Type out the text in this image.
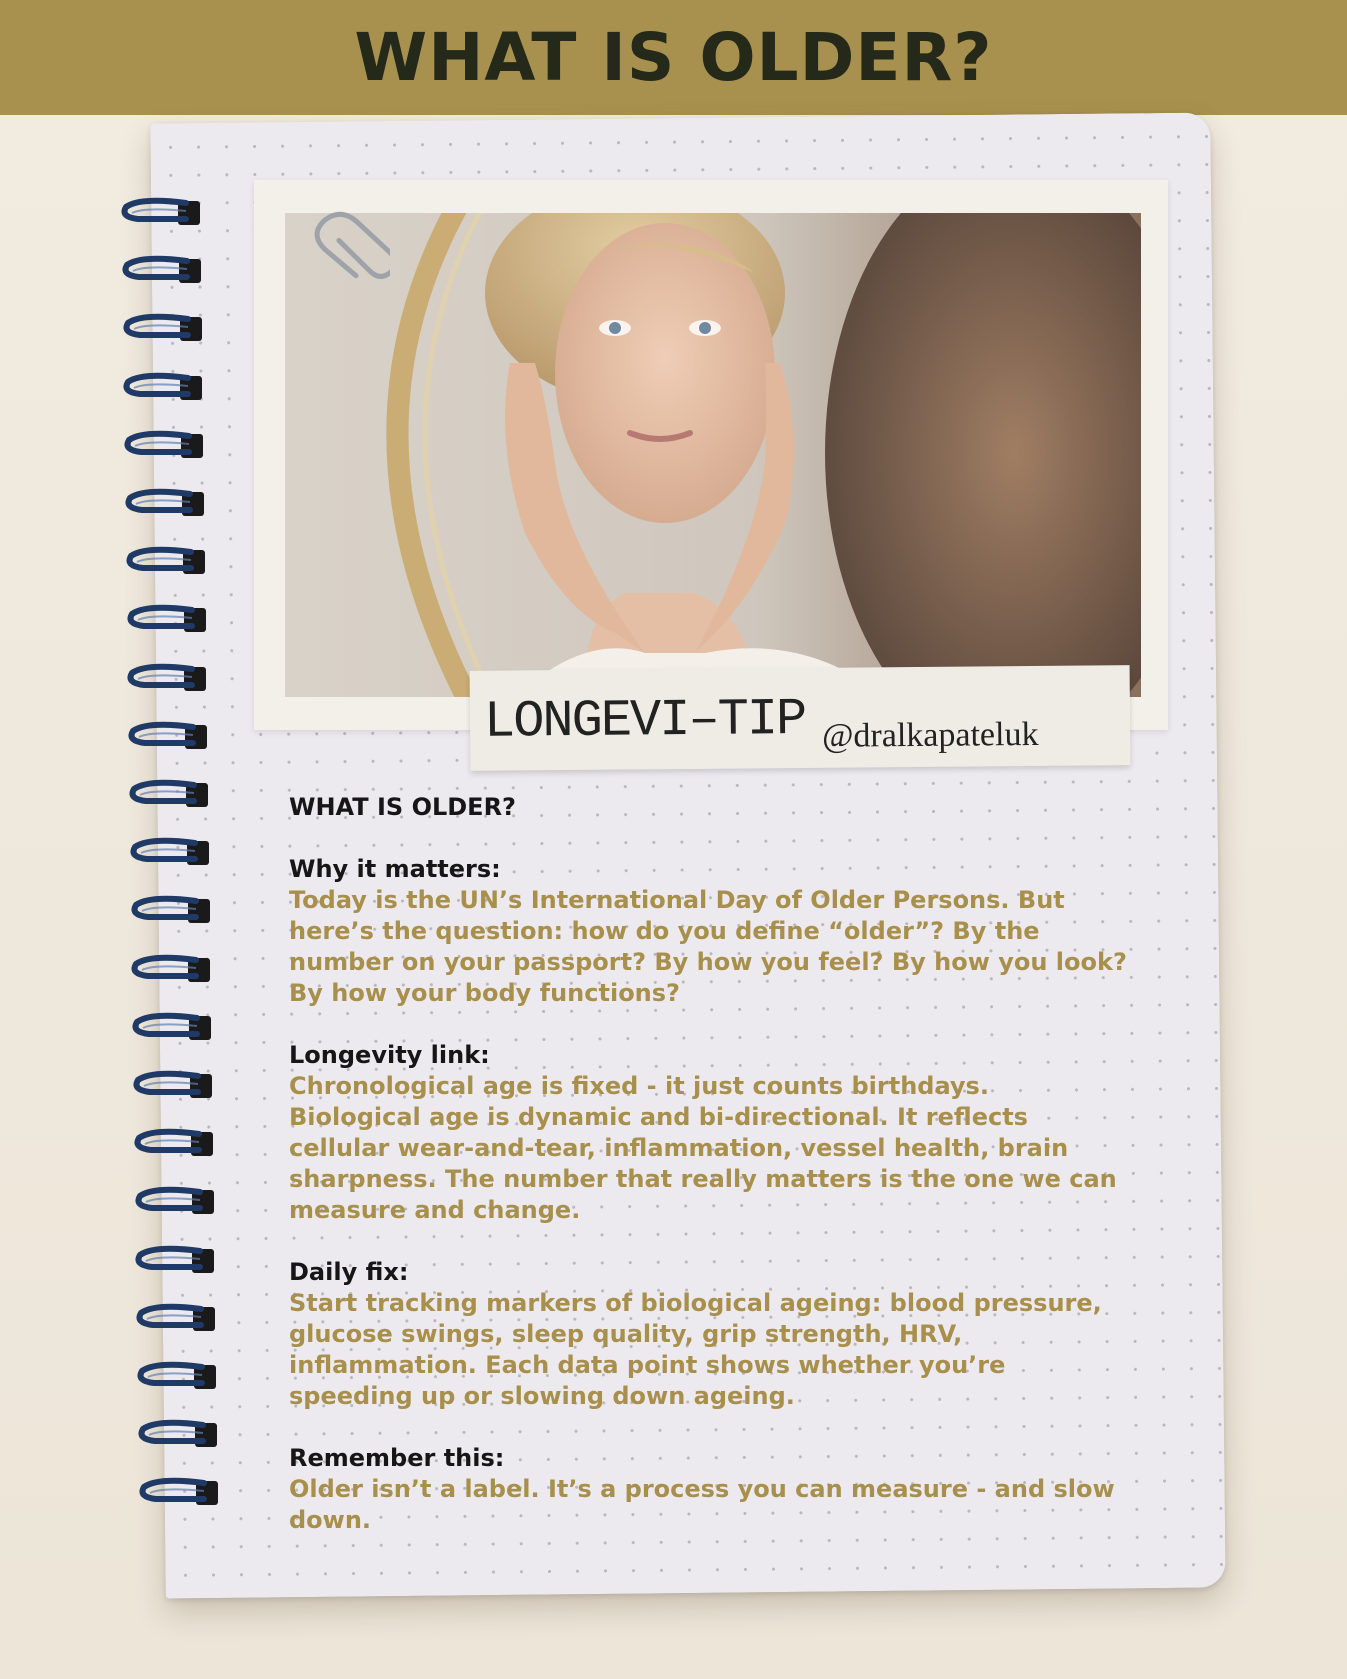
WHAT IS OLDER?
LONGEVI–TIP @dralkapateluk
WHAT IS OLDER?
Why it matters:
Today is the UN’s International Day of Older Persons. But here’s the question: how do you define “older”? By the number on your passport? By how you feel? By how you look? By how your body functions?
Longevity link:
Chronological age is fixed - it just counts birthdays. Biological age is dynamic and bi-directional. It reflects cellular wear-and-tear, inflammation, vessel health, brain sharpness. The number that really matters is the one we can measure and change.
Daily fix:
Start tracking markers of biological ageing: blood pressure, glucose swings, sleep quality, grip strength, HRV, inflammation. Each data point shows whether you’re speeding up or slowing down ageing.
Remember this:
Older isn’t a label. It’s a process you can measure - and slow down.
